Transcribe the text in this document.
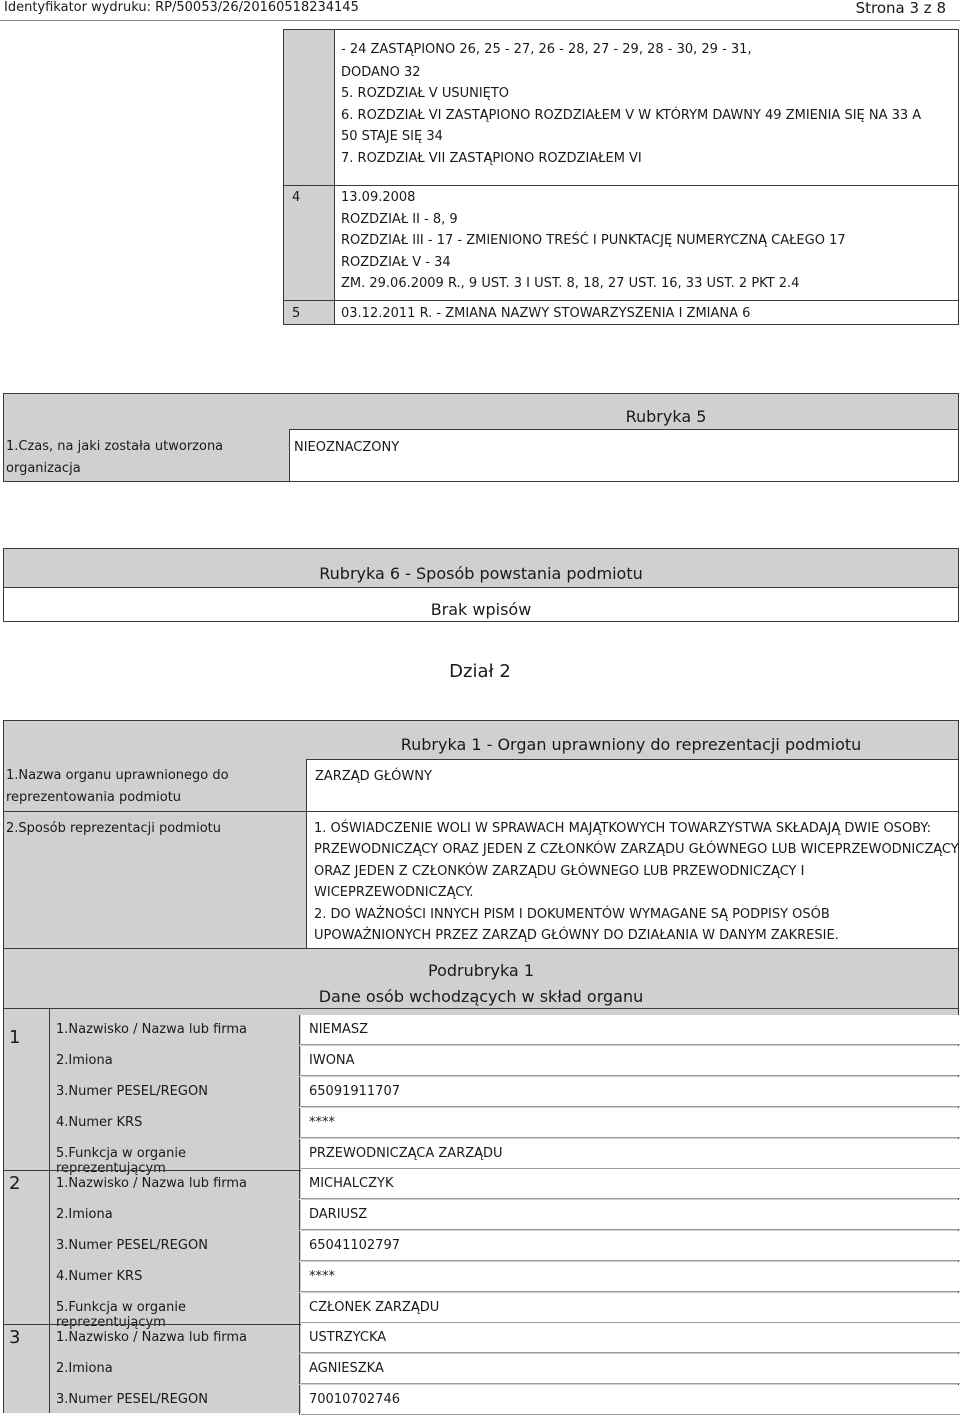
Identyfikator wydruku: RP/50053/26/20160518234145	Strona 3 z 8
- 24 ZASTĄPIONO 26, 25 - 27, 26 - 28, 27 - 29, 28 - 30, 29 - 31,
DODANO 32
5. ROZDZIAŁ V USUNIĘTO
6. ROZDZIAŁ VI ZASTĄPIONO ROZDZIAŁEM V W KTÓRYM DAWNY 49 ZMIENIA SIĘ NA 33 A
50 STAJE SIĘ 34
7. ROZDZIAŁ VII ZASTĄPIONO ROZDZIAŁEM VI
4	13.09.2008
ROZDZIAŁ II - 8, 9
ROZDZIAŁ III - 17 - ZMIENIONO TREŚĆ I PUNKTACJĘ NUMERYCZNĄ CAŁEGO 17
ROZDZIAŁ V - 34
ZM. 29.06.2009 R., 9 UST. 3 I UST. 8, 18, 27 UST. 16, 33 UST. 2 PKT 2.4
5	03.12.2011 R. - ZMIANA NAZWY STOWARZYSZENIA I ZMIANA 6
Rubryka 5
1.Czas, na jaki została utworzona
organizacja
NIEOZNACZONY
Rubryka 6 - Sposób powstania podmiotu
Brak wpisów
Dział 2
Rubryka 1 - Organ uprawniony do reprezentacji podmiotu
1.Nazwa organu uprawnionego do
reprezentowania podmiotu
ZARZĄD GŁÓWNY
2.Sposób reprezentacji podmiotu	1. OŚWIADCZENIE WOLI W SPRAWACH MAJĄTKOWYCH TOWARZYSTWA SKŁADAJĄ DWIE OSOBY:
PRZEWODNICZĄCY ORAZ JEDEN Z CZŁONKÓW ZARZĄDU GŁÓWNEGO LUB WICEPRZEWODNICZĄCY
ORAZ JEDEN Z CZŁONKÓW ZARZĄDU GŁÓWNEGO LUB PRZEWODNICZĄCY I
WICEPRZEWODNICZĄCY.
2. DO WAŻNOŚCI INNYCH PISM I DOKUMENTÓW WYMAGANE SĄ PODPISY OSÓB
UPOWAŻNIONYCH PRZEZ ZARZĄD GŁÓWNY DO DZIAŁANIA W DANYM ZAKRESIE.
Podrubryka 1
Dane osób wchodzących w skład organu
1	1.Nazwisko / Nazwa lub firma	NIEMASZ
2.Imiona	IWONA
3.Numer PESEL/REGON	65091911707
4.Numer KRS	****
5.Funkcja w organie reprezentującym
PRZEWODNICZĄCA ZARZĄDU
2	1.Nazwisko / Nazwa lub firma	MICHALCZYK
2.Imiona	DARIUSZ
3.Numer PESEL/REGON	65041102797
4.Numer KRS	****
5.Funkcja w organie reprezentującym
CZŁONEK ZARZĄDU
3	1.Nazwisko / Nazwa lub firma	USTRZYCKA
2.Imiona	AGNIESZKA
3.Numer PESEL/REGON	70010702746
